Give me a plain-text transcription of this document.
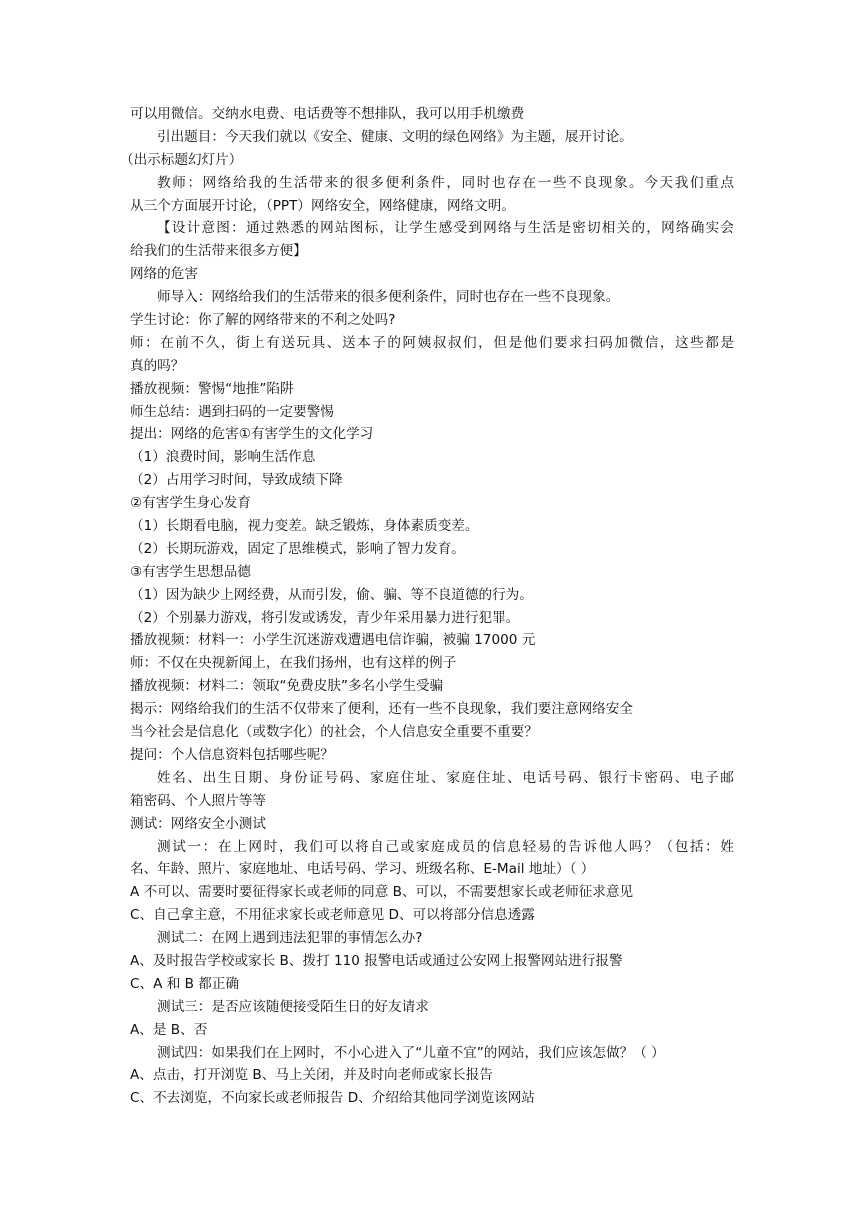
可以用微信。交纳水电费、电话费等不想排队，我可以用手机缴费
引出题目：今天我们就以《安全、健康、文明的绿色网络》为主题，展开讨论。
（出示标题幻灯片）
教师：网络给我的生活带来的很多便利条件，同时也存在一些不良现象。今天我们重点
从三个方面展开讨论，（PPT）网络安全，网络健康，网络文明。
【设计意图：通过熟悉的网站图标，让学生感受到网络与生活是密切相关的，网络确实会
给我们的生活带来很多方便】
网络的危害
师导入：网络给我们的生活带来的很多便利条件，同时也存在一些不良现象。
学生讨论：你了解的网络带来的不利之处吗?
师：在前不久，街上有送玩具、送本子的阿姨叔叔们，但是他们要求扫码加微信，这些都是
真的吗？
播放视频：警惕“地推”陷阱
师生总结：遇到扫码的一定要警惕
提出：网络的危害①有害学生的文化学习
（1）浪费时间，影响生活作息
（2）占用学习时间，导致成绩下降
②有害学生身心发育
（1）长期看电脑，视力变差。缺乏锻炼，身体素质变差。
（2）长期玩游戏，固定了思维模式，影响了智力发育。
③有害学生思想品德
（1）因为缺少上网经费，从而引发，偷、骗、等不良道德的行为。
（2）个别暴力游戏，将引发或诱发，青少年采用暴力进行犯罪。
播放视频：材料一：小学生沉迷游戏遭遇电信诈骗，被骗 17000 元
师：不仅在央视新闻上，在我们扬州，也有这样的例子
播放视频：材料二：领取“免费皮肤”多名小学生受骗
揭示：网络给我们的生活不仅带来了便利，还有一些不良现象，我们要注意网络安全
当今社会是信息化（或数字化）的社会，个人信息安全重要不重要？
提问：个人信息资料包括哪些呢？
姓名、出生日期、身份证号码、家庭住址、家庭住址、电话号码、银行卡密码、电子邮
箱密码、个人照片等等
测试：网络安全小测试
测试一：在上网时，我们可以将自己或家庭成员的信息轻易的告诉他人吗？（包括：姓
名、年龄、照片、家庭地址、电话号码、学习、班级名称、E-Mail 地址）（ ）
A 不可以、需要时要征得家长或老师的同意 B、可以，不需要想家长或老师征求意见
C、自己拿主意，不用征求家长或老师意见 D、可以将部分信息透露
测试二：在网上遇到违法犯罪的事情怎么办?
A、及时报告学校或家长 B、拨打 110 报警电话或通过公安网上报警网站进行报警
C、A 和 B 都正确
测试三：是否应该随便接受陌生日的好友请求
A、是 B、否
测试四：如果我们在上网时，不小心进入了“儿童不宜”的网站，我们应该怎做？（ ）
A、点击，打开浏览 B、马上关闭，并及时向老师或家长报告
C、不去浏览，不向家长或老师报告 D、介绍给其他同学浏览该网站
